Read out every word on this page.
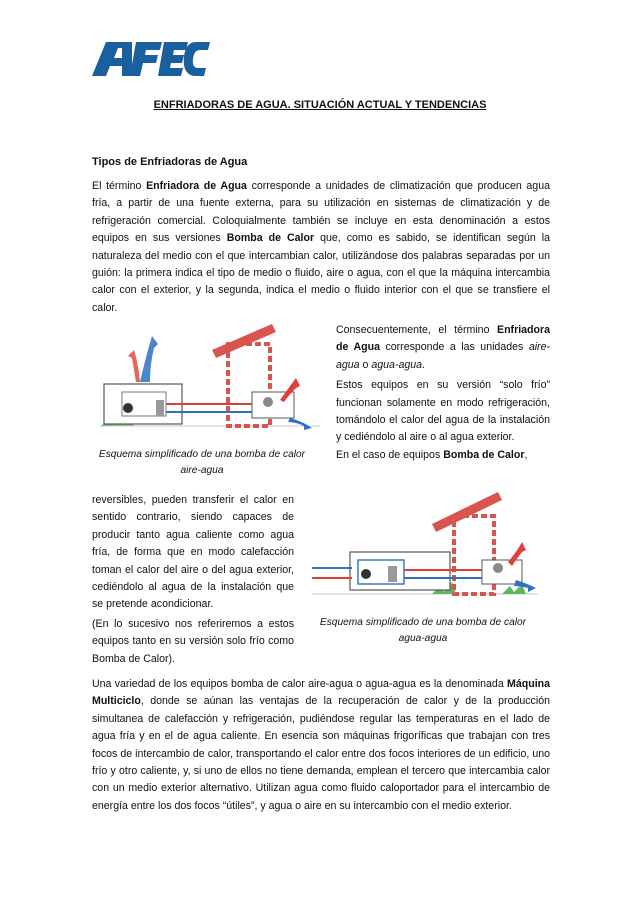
AFEC
ENFRIADORAS DE AGUA. SITUACIÓN ACTUAL Y TENDENCIAS
Tipos de Enfriadoras de Agua

El término Enfriadora de Agua corresponde a unidades de climatización que producen agua fría, a partir de una fuente externa, para su utilización en sistemas de climatización y de refrigeración comercial. Coloquialmente también se incluye en esta denominación a estos equipos en sus versiones Bomba de Calor que, como es sabido, se identifican según la naturaleza del medio con el que intercambian calor, utilizándose dos palabras separadas por un guión: la primera indica el tipo de medio o fluido, aire o agua, con el que la máquina intercambia calor con el exterior, y la segunda, indica el medio o fluido interior con el que se transfiere el calor.

Esquema simplificado de una bomba de calor aire-agua

Consecuentemente, el término Enfriadora de Agua corresponde a las unidades aire-agua o agua-agua.
Estos equipos en su versión “solo frío” funcionan solamente en modo refrigeración, tomándolo el calor del agua de la instalación y cediéndolo al aire o al agua exterior.
En el caso de equipos Bomba de Calor,

reversibles, pueden transferir el calor en sentido contrario, siendo capaces de producir tanto agua caliente como agua fría, de forma que en modo calefacción toman el calor del aire o del agua exterior, cediéndolo al agua de la instalación que se pretende acondicionar.

(En lo sucesivo nos referiremos a estos equipos tanto en su versión solo frío como Bomba de Calor).

Esquema simplificado de una bomba de calor agua-agua

Una variedad de los equipos bomba de calor aire-agua o agua-agua es la denominada Máquina Multiciclo, donde se aúnan las ventajas de la recuperación de calor y de la producción simultanea de calefacción y refrigeración, pudiéndose regular las temperaturas en el lado de agua fría y en el de agua caliente. En esencia son máquinas frigoríficas que trabajan con tres focos de intercambio de calor, transportando el calor entre dos focos interiores de un edificio, uno frío y otro caliente, y, si uno de ellos no tiene demanda, emplean el tercero que intercambia calor con un medio exterior alternativo. Utilizan agua como fluido caloportador para el intercambio de energía entre los dos focos “útiles”, y agua o aire en su intercambio con el medio exterior.
